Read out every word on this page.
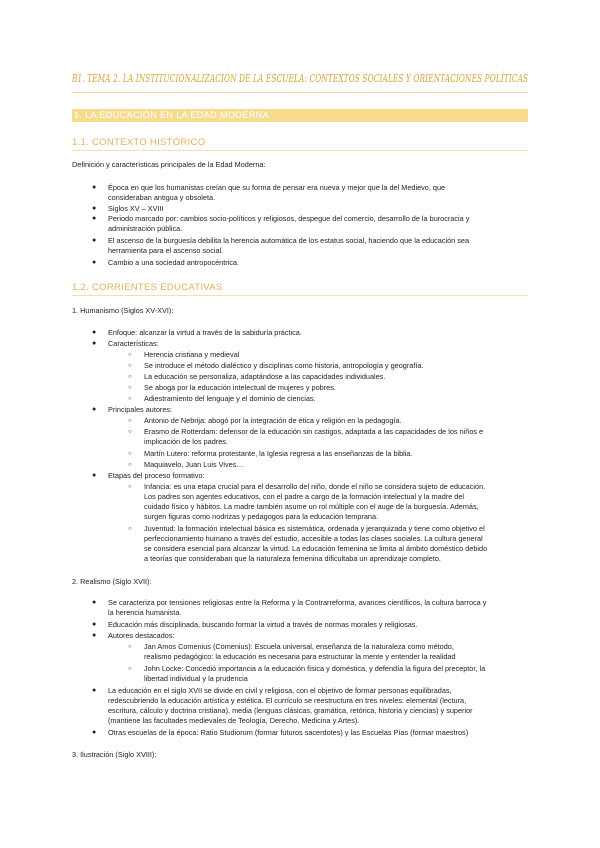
B1. TEMA 2. LA INSTITUCIONALIZACIÓN DE LA ESCUELA: CONTEXTOS SOCIALES Y ORIENTACIONES POLÍTICAS
1. LA EDUCACIÓN EN LA EDAD MODERNA
1.1. CONTEXTO HISTÓRICO
Definición y características principales de la Edad Moderna:
● Época en que los humanistas creían que su forma de pensar era nueva y mejor que la del Medievo, que
consideraban antigua y obsoleta.
● Siglos XV – XVIII
● Periodo marcado por: cambios socio-políticos y religiosos, despegue del comercio, desarrollo de la burocracia y
administración pública.
● El ascenso de la burguesía debilita la herencia automática de los estatus social, haciendo que la educación sea
herramienta para el ascenso social.
● Cambio a una sociedad antropocéntrica.
1.2. CORRIENTES EDUCATIVAS
1. Humanismo (Siglos XV-XVI):
● Enfoque: alcanzar la virtud a través de la sabiduría práctica.
● Características:
○ Herencia cristiana y medieval
○ Se introduce el método dialéctico y disciplinas como historia, antropología y geografía.
○ La educación se personaliza, adaptándose a las capacidades individuales.
○ Se aboga por la educación intelectual de mujeres y pobres.
○ Adiestramiento del lenguaje y el dominio de ciencias.
● Principales autores:
○ Antonio de Nebrija: abogó por la integración de ética y religión en la pedagogía.
○ Erasmo de Rotterdam: defensor de la educación sin castigos, adaptada a las capacidades de los niños e
implicación de los padres.
○ Martín Lutero: reforma protestante, la Iglesia regresa a las enseñanzas de la biblia.
○ Maquiavelo, Juan Luis Vives…
● Etapas del proceso formativo:
○ Infancia: es una etapa crucial para el desarrollo del niño, donde el niño se considera sujeto de educación.
Los padres son agentes educativos, con el padre a cargo de la formación intelectual y la madre del
cuidado físico y hábitos. La madre también asume un rol múltiple con el auge de la burguesía. Además,
surgen figuras como nodrizas y pedagogos para la educación temprana.
○ Juventud: la formación intelectual básica es sistemática, ordenada y jerarquizada y tiene como objetivo el
perfeccionamiento humano a través del estudio, accesible a todas las clases sociales. La cultura general
se considera esencial para alcanzar la virtud. La educación femenina se limita al ámbito doméstico debido
a teorías que consideraban que la naturaleza femenina dificultaba un aprendizaje completo.
2. Realismo (Siglo XVII):
● Se caracteriza por tensiones religiosas entre la Reforma y la Contrarreforma, avances científicos, la cultura barroca y
la herencia humanista.
● Educación más disciplinada, buscando formar la virtud a través de normas morales y religiosas.
● Autores destacados:
○ Jan Amos Comenius (Comenius): Escuela universal, enseñanza de la naturaleza como método,
realismo pedagógico: la educación es necesaria para estructurar la mente y entender la realidad
○ John Locke: Concedió importancia a la educación física y doméstica, y defendía la figura del preceptor, la
libertad individual y la prudencia
● La educación en el siglo XVII se divide en civil y religiosa, con el objetivo de formar personas equilibradas,
redescubriendo la educación artística y estética. El currículo se reestructura en tres niveles: elemental (lectura,
escritura, cálculo y doctrina cristiana), media (lenguas clásicas, gramática, retórica, historia y ciencias) y superior
(mantiene las facultades medievales de Teología, Derecho, Medicina y Artes).
● Otras escuelas de la época: Ratio Studiorum (formar futuros sacerdotes) y las Escuelas Pías (formar maestros)
3. Ilustración (Siglo XVIII):
